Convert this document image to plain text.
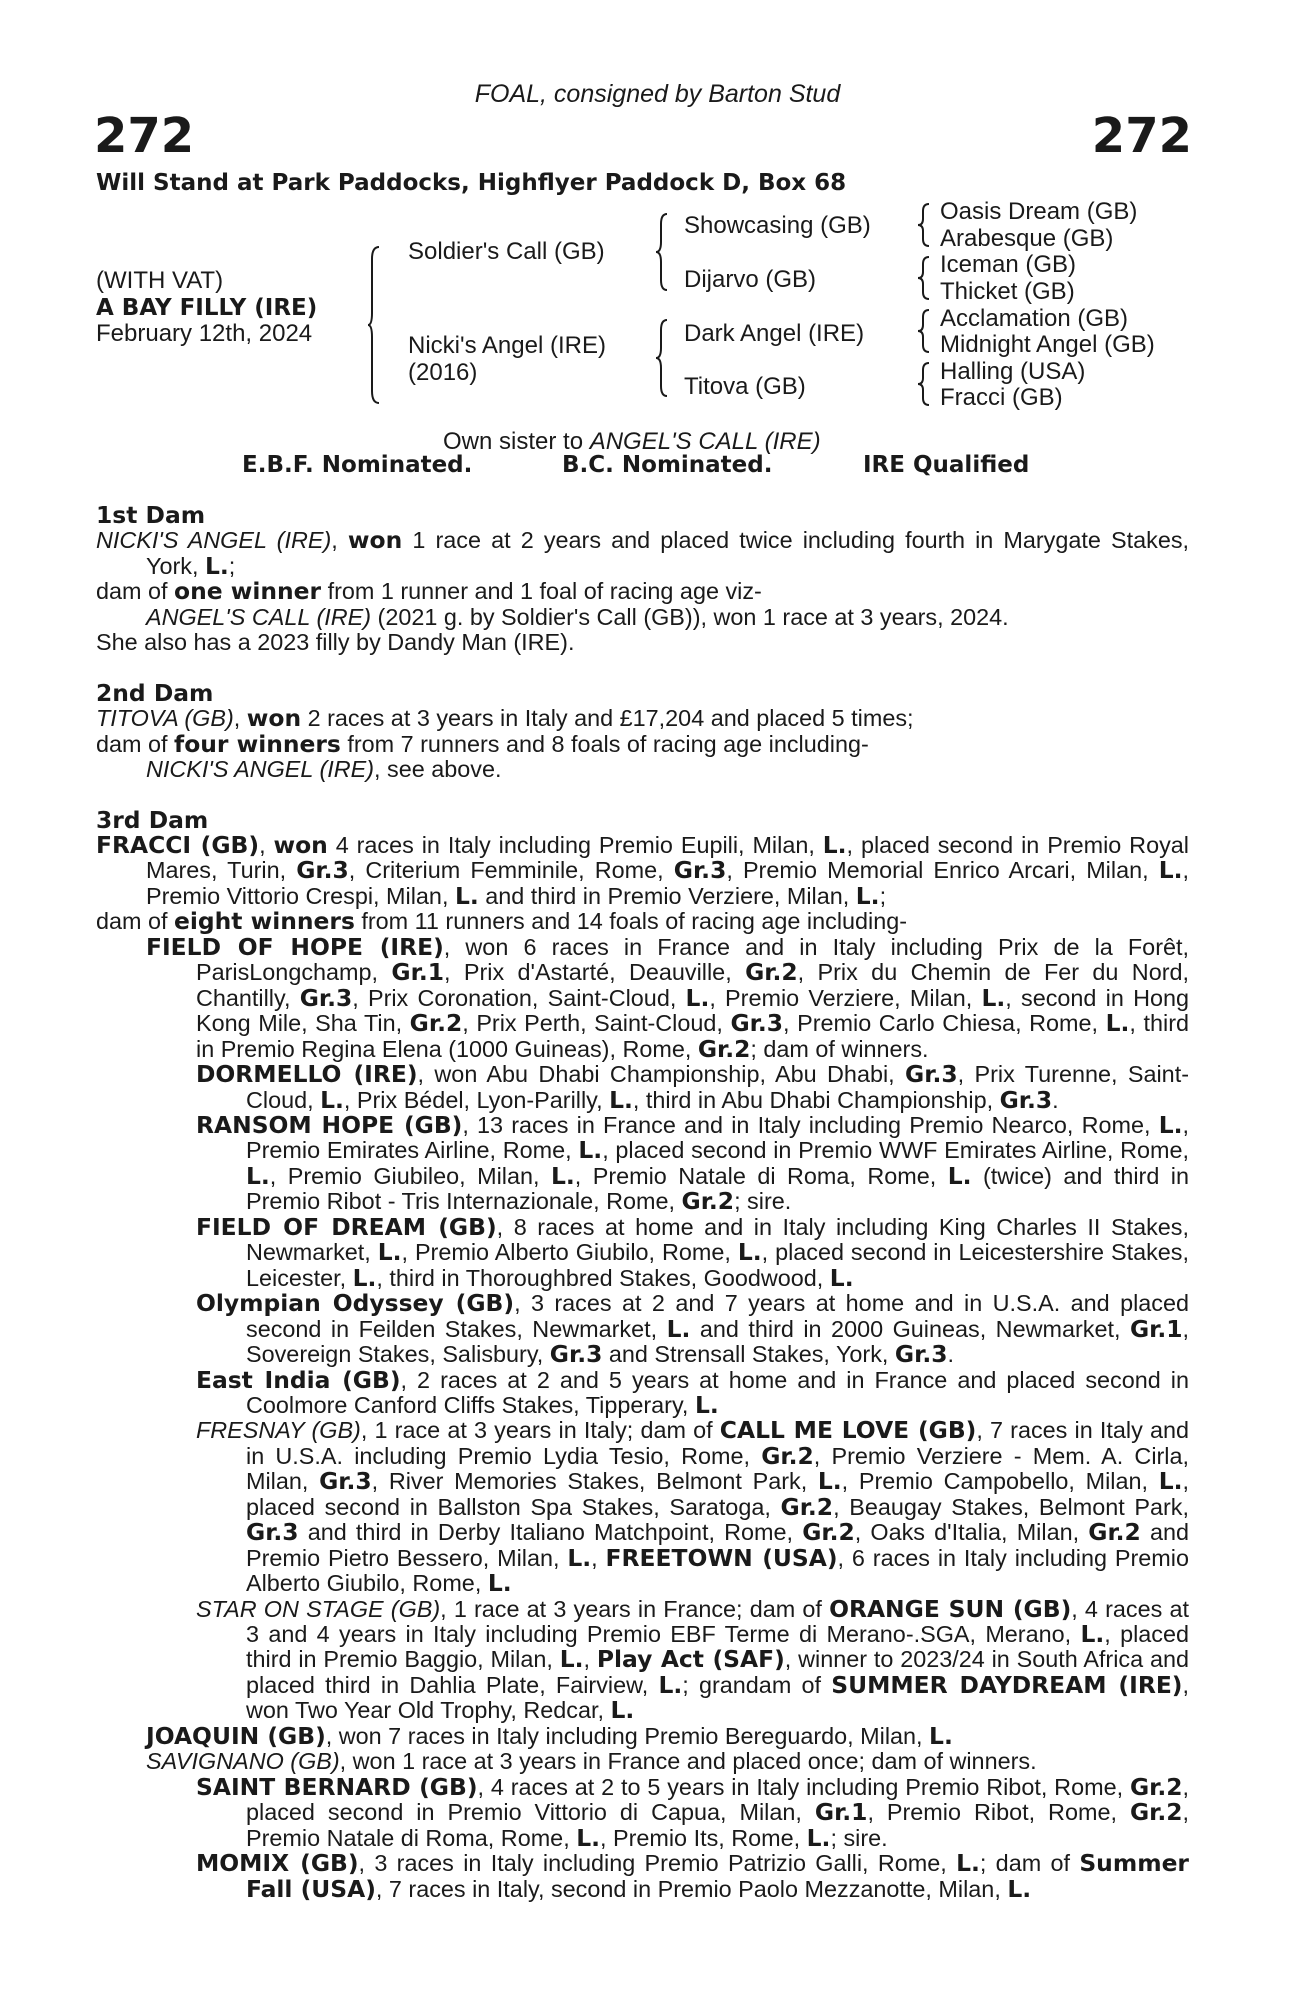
272	272
FOAL, consigned by Barton Stud
Will Stand at Park Paddocks, Highflyer Paddock D, Box 68
(WITH VAT)
A BAY FILLY (IRE)
February 12th, 2024
Soldier's Call (GB)
Nicki's Angel (IRE)
(2016)
Showcasing (GB)
Dijarvo (GB)
Dark Angel (IRE)
Titova (GB)
Oasis Dream (GB)
Arabesque (GB)
Iceman (GB)
Thicket (GB)
Acclamation (GB)
Midnight Angel (GB)
Halling (USA)
Fracci (GB)
Own sister to ANGEL'S CALL (IRE)
E.B.F. Nominated.	B.C. Nominated.	IRE Qualified

1st Dam

NICKI'S ANGEL (IRE), won 1 race at 2 years and placed twice including fourth in Marygate Stakes, York, L.;

dam of one winner from 1 runner and 1 foal of racing age viz-

ANGEL'S CALL (IRE) (2021 g. by Soldier's Call (GB)), won 1 race at 3 years, 2024.

She also has a 2023 filly by Dandy Man (IRE).

2nd Dam

TITOVA (GB), won 2 races at 3 years in Italy and £17,204 and placed 5 times;

dam of four winners from 7 runners and 8 foals of racing age including-

NICKI'S ANGEL (IRE), see above.

3rd Dam

FRACCI (GB), won 4 races in Italy including Premio Eupili, Milan, L., placed second in Premio Royal Mares, Turin, Gr.3, Criterium Femminile, Rome, Gr.3, Premio Memorial Enrico Arcari, Milan, L., Premio Vittorio Crespi, Milan, L. and third in Premio Verziere, Milan, L.;

dam of eight winners from 11 runners and 14 foals of racing age including-

FIELD OF HOPE (IRE), won 6 races in France and in Italy including Prix de la Forêt, ParisLongchamp, Gr.1, Prix d'Astarté, Deauville, Gr.2, Prix du Chemin de Fer du Nord, Chantilly, Gr.3, Prix Coronation, Saint-Cloud, L., Premio Verziere, Milan, L., second in Hong Kong Mile, Sha Tin, Gr.2, Prix Perth, Saint-Cloud, Gr.3, Premio Carlo Chiesa, Rome, L., third in Premio Regina Elena (1000 Guineas), Rome, Gr.2; dam of winners.

DORMELLO (IRE), won Abu Dhabi Championship, Abu Dhabi, Gr.3, Prix Turenne, Saint-Cloud, L., Prix Bédel, Lyon-Parilly, L., third in Abu Dhabi Championship, Gr.3.

RANSOM HOPE (GB), 13 races in France and in Italy including Premio Nearco, Rome, L., Premio Emirates Airline, Rome, L., placed second in Premio WWF Emirates Airline, Rome, L., Premio Giubileo, Milan, L., Premio Natale di Roma, Rome, L. (twice) and third in Premio Ribot - Tris Internazionale, Rome, Gr.2; sire.

FIELD OF DREAM (GB), 8 races at home and in Italy including King Charles II Stakes, Newmarket, L., Premio Alberto Giubilo, Rome, L., placed second in Leicestershire Stakes, Leicester, L., third in Thoroughbred Stakes, Goodwood, L.

Olympian Odyssey (GB), 3 races at 2 and 7 years at home and in U.S.A. and placed second in Feilden Stakes, Newmarket, L. and third in 2000 Guineas, Newmarket, Gr.1, Sovereign Stakes, Salisbury, Gr.3 and Strensall Stakes, York, Gr.3.

East India (GB), 2 races at 2 and 5 years at home and in France and placed second in Coolmore Canford Cliffs Stakes, Tipperary, L.

FRESNAY (GB), 1 race at 3 years in Italy; dam of CALL ME LOVE (GB), 7 races in Italy and in U.S.A. including Premio Lydia Tesio, Rome, Gr.2, Premio Verziere - Mem. A. Cirla, Milan, Gr.3, River Memories Stakes, Belmont Park, L., Premio Campobello, Milan, L., placed second in Ballston Spa Stakes, Saratoga, Gr.2, Beaugay Stakes, Belmont Park, Gr.3 and third in Derby Italiano Matchpoint, Rome, Gr.2, Oaks d'Italia, Milan, Gr.2 and Premio Pietro Bessero, Milan, L., FREETOWN (USA), 6 races in Italy including Premio Alberto Giubilo, Rome, L.

STAR ON STAGE (GB), 1 race at 3 years in France; dam of ORANGE SUN (GB), 4 races at 3 and 4 years in Italy including Premio EBF Terme di Merano-.SGA, Merano, L., placed third in Premio Baggio, Milan, L., Play Act (SAF), winner to 2023/24 in South Africa and placed third in Dahlia Plate, Fairview, L.; grandam of SUMMER DAYDREAM (IRE), won Two Year Old Trophy, Redcar, L.

JOAQUIN (GB), won 7 races in Italy including Premio Bereguardo, Milan, L.

SAVIGNANO (GB), won 1 race at 3 years in France and placed once; dam of winners.

SAINT BERNARD (GB), 4 races at 2 to 5 years in Italy including Premio Ribot, Rome, Gr.2, placed second in Premio Vittorio di Capua, Milan, Gr.1, Premio Ribot, Rome, Gr.2, Premio Natale di Roma, Rome, L., Premio Its, Rome, L.; sire.

MOMIX (GB), 3 races in Italy including Premio Patrizio Galli, Rome, L.; dam of Summer Fall (USA), 7 races in Italy, second in Premio Paolo Mezzanotte, Milan, L.
